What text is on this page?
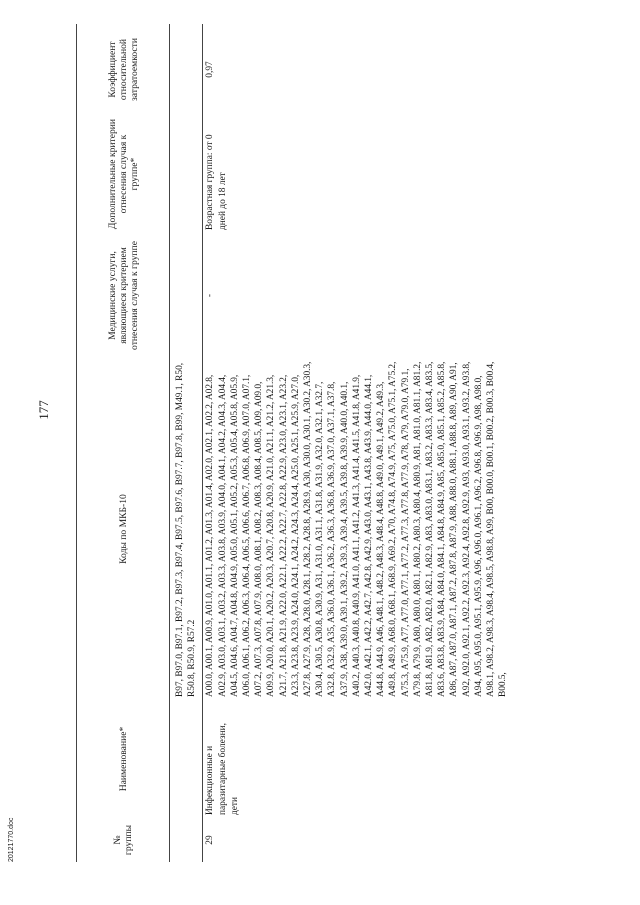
177
№ группы	Наименование*	Коды по МКБ-10	Медицинские услуги, являющиеся критерием отнесения случая к группе	Дополнительные критерии отнесения случая к группе*	Коэффициент относительной затратоемкости
		B97, B97.0, B97.1, B97.2, B97.3, B97.4, B97.5, B97.6, B97.7, B97.8, B99, M49.1, R50, R50.8, R50.9, R57.2			
29	Инфекционные и паразитарные болезни, дети	A00.0, A00.1, A00.9, A01.0, A01.1, A01.2, A01.3, A01.4, A02.0, A02.1, A02.2, A02.8, A02.9, A03.0, A03.1, A03.2, A03.3, A03.8, A03.9, A04.0, A04.1, A04.2, A04.3, A04.4, A04.5, A04.6, A04.7, A04.8, A04.9, A05.0, A05.1, A05.2, A05.3, A05.4, A05.8, A05.9, A06.0, A06.1, A06.2, A06.3, A06.4, A06.5, A06.6, A06.7, A06.8, A06.9, A07.0, A07.1, A07.2, A07.3, A07.8, A07.9, A08.0, A08.1, A08.2, A08.3, A08.4, A08.5, A09, A09.0, A09.9, A20.0, A20.1, A20.2, A20.3, A20.7, A20.8, A20.9, A21.0, A21.1, A21.2, A21.3, A21.7, A21.8, A21.9, A22.0, A22.1, A22.2, A22.7, A22.8, A22.9, A23.0, A23.1, A23.2, A23.3, A23.8, A23.9, A24.0, A24.1, A24.2, A24.3, A24.4, A25.0, A25.1, A25.9, A27.0, A27.8, A27.9, A28, A28.0, A28.1, A28.2, A28.8, A28.9, A30, A30.0, A30.1, A30.2, A30.3, A30.4, A30.5, A30.8, A30.9, A31, A31.0, A31.1, A31.8, A31.9, A32.0, A32.1, A32.7, A32.8, A32.9, A35, A36.0, A36.1, A36.2, A36.3, A36.8, A36.9, A37.0, A37.1, A37.8, A37.9, A38, A39.0, A39.1, A39.2, A39.3, A39.4, A39.5, A39.8, A39.9, A40.0, A40.1, A40.2, A40.3, A40.8, A40.9, A41.0, A41.1, A41.2, A41.3, A41.4, A41.5, A41.8, A41.9, A42.0, A42.1, A42.2, A42.7, A42.8, A42.9, A43.0, A43.1, A43.8, A43.9, A44.0, A44.1, A44.8, A44.9, A46, A48.1, A48.2, A48.3, A48.4, A48.8, A49.0, A49.1, A49.2, A49.3, A49.8, A49.9, A68.0, A68.1, A68.9, A69.2, A70, A74.8, A74.9, A75, A75.0, A75.1, A75.2, A75.3, A75.9, A77, A77.0, A77.1, A77.2, A77.3, A77.8, A77.9, A78, A79, A79.0, A79.1, A79.8, A79.9, A80, A80.0, A80.1, A80.2, A80.3, A80.4, A80.9, A81, A81.0, A81.1, A81.2, A81.8, A81.9, A82, A82.0, A82.1, A82.9, A83, A83.0, A83.1, A83.2, A83.3, A83.4, A83.5, A83.6, A83.8, A83.9, A84, A84.0, A84.1, A84.8, A84.9, A85, A85.0, A85.1, A85.2, A85.8, A86, A87, A87.0, A87.1, A87.2, A87.8, A87.9, A88, A88.0, A88.1, A88.8, A89, A90, A91, A92, A92.0, A92.1, A92.2, A92.3, A92.4, A92.8, A92.9, A93, A93.0, A93.1, A93.2, A93.8, A94, A95, A95.0, A95.1, A95.9, A96, A96.0, A96.1, A96.2, A96.8, A96.9, A98, A98.0, A98.1, A98.2, A98.3, A98.4, A98.5, A98.8, A99, B00, B00.0, B00.1, B00.2, B00.3, B00.4, B00.5,	-	Возрастная группа: от 0 дней до 18 лет	0,97
20121770.doc
